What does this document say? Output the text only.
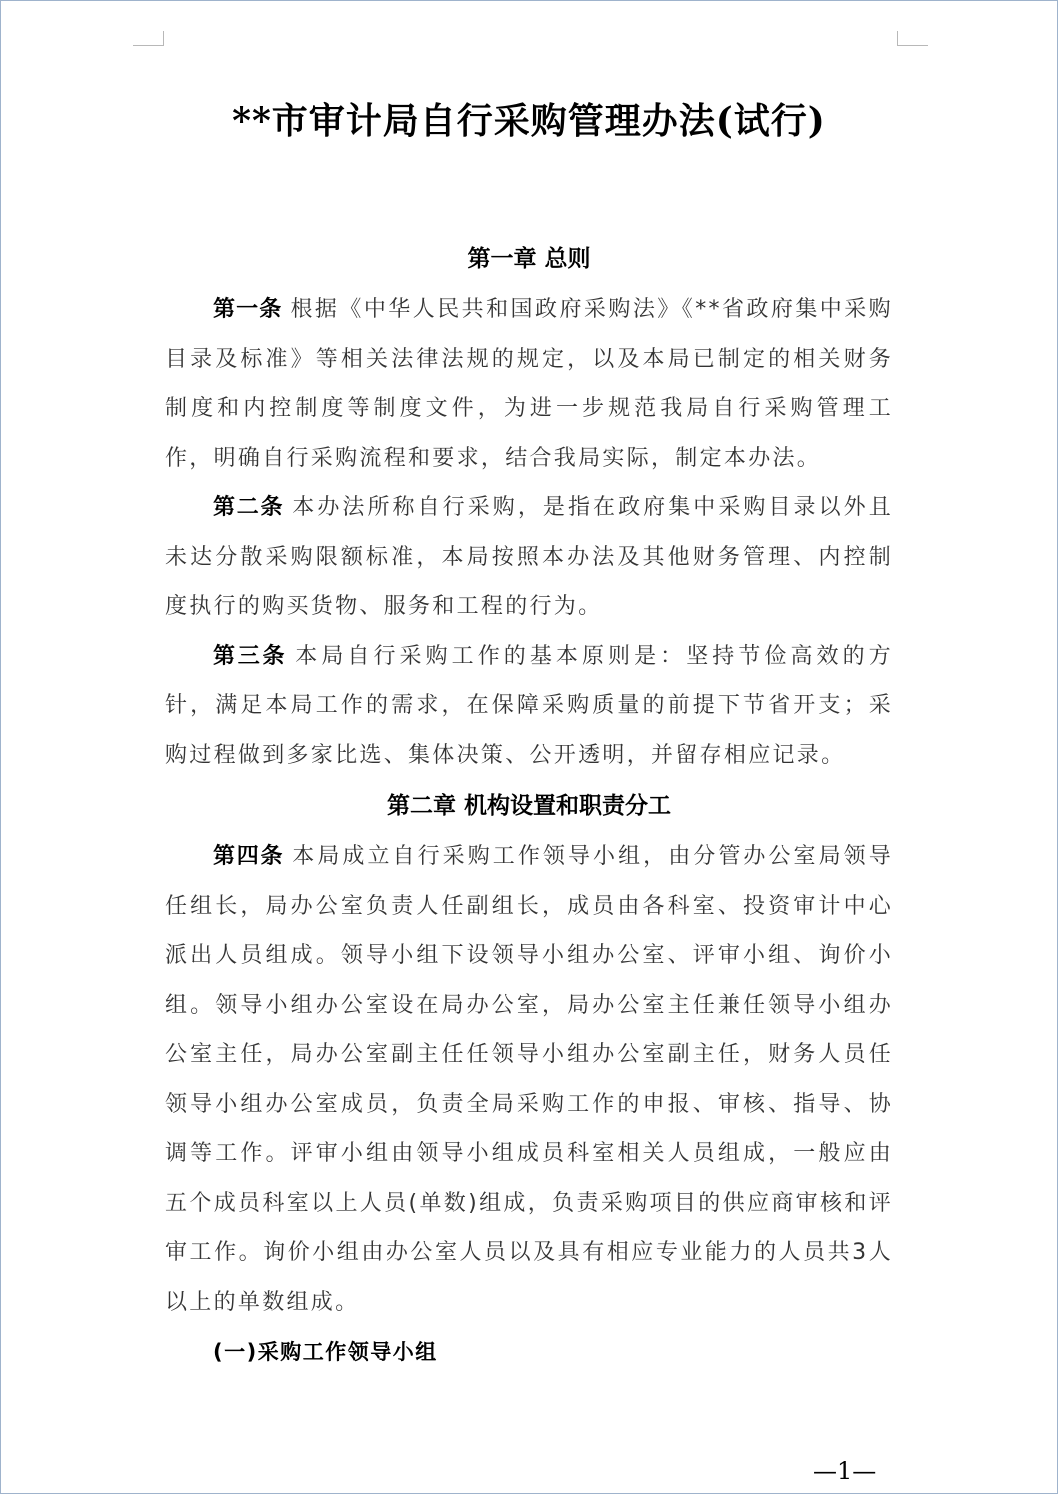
**市审计局自行采购管理办法(试行)
第一章 总则

第一条 根据《中华人民共和国政府采购法》《**省政府集中采购目录及标准》等相关法律法规的规定，以及本局已制定的相关财务制度和内控制度等制度文件，为进一步规范我局自行采购管理工作，明确自行采购流程和要求，结合我局实际，制定本办法。

第二条 本办法所称自行采购，是指在政府集中采购目录以外且未达分散采购限额标准，本局按照本办法及其他财务管理、内控制度执行的购买货物、服务和工程的行为。

第三条 本局自行采购工作的基本原则是：坚持节俭高效的方针，满足本局工作的需求，在保障采购质量的前提下节省开支；采购过程做到多家比选、集体决策、公开透明，并留存相应记录。

第二章 机构设置和职责分工

第四条 本局成立自行采购工作领导小组，由分管办公室局领导任组长，局办公室负责人任副组长，成员由各科室、投资审计中心派出人员组成。领导小组下设领导小组办公室、评审小组、询价小组。领导小组办公室设在局办公室，局办公室主任兼任领导小组办公室主任，局办公室副主任任领导小组办公室副主任，财务人员任领导小组办公室成员，负责全局采购工作的申报、审核、指导、协调等工作。评审小组由领导小组成员科室相关人员组成，一般应由五个成员科室以上人员(单数)组成，负责采购项目的供应商审核和评审工作。询价小组由办公室人员以及具有相应专业能力的人员共3人以上的单数组成。

(一)采购工作领导小组

—1—
